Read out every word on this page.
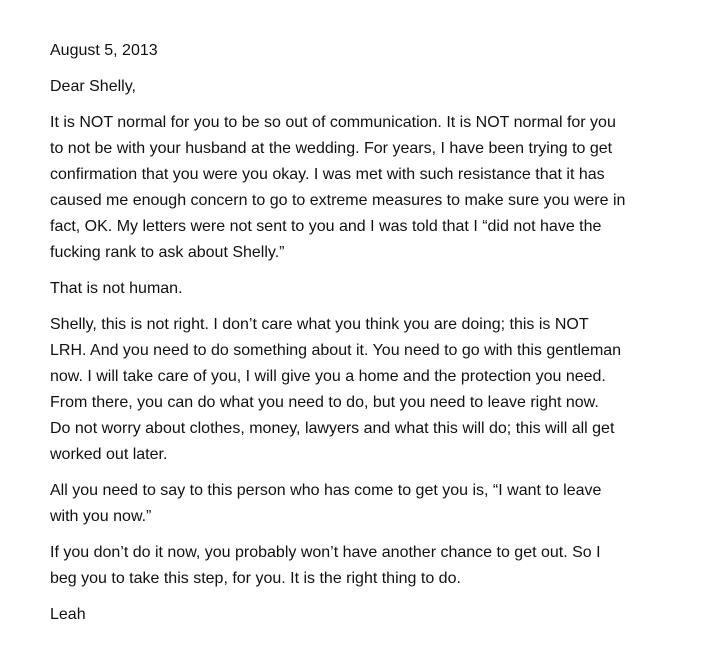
August 5, 2013

Dear Shelly,

It is NOT normal for you to be so out of communication. It is NOT normal for you
to not be with your husband at the wedding. For years, I have been trying to get
confirmation that you were you okay. I was met with such resistance that it has
caused me enough concern to go to extreme measures to make sure you were in
fact, OK. My letters were not sent to you and I was told that I “did not have the
fucking rank to ask about Shelly.”

That is not human.

Shelly, this is not right. I don’t care what you think you are doing; this is NOT
LRH. And you need to do something about it. You need to go with this gentleman
now. I will take care of you, I will give you a home and the protection you need.
From there, you can do what you need to do, but you need to leave right now.
Do not worry about clothes, money, lawyers and what this will do; this will all get
worked out later.

All you need to say to this person who has come to get you is, “I want to leave
with you now.”

If you don’t do it now, you probably won’t have another chance to get out. So I
beg you to take this step, for you. It is the right thing to do.

Leah
